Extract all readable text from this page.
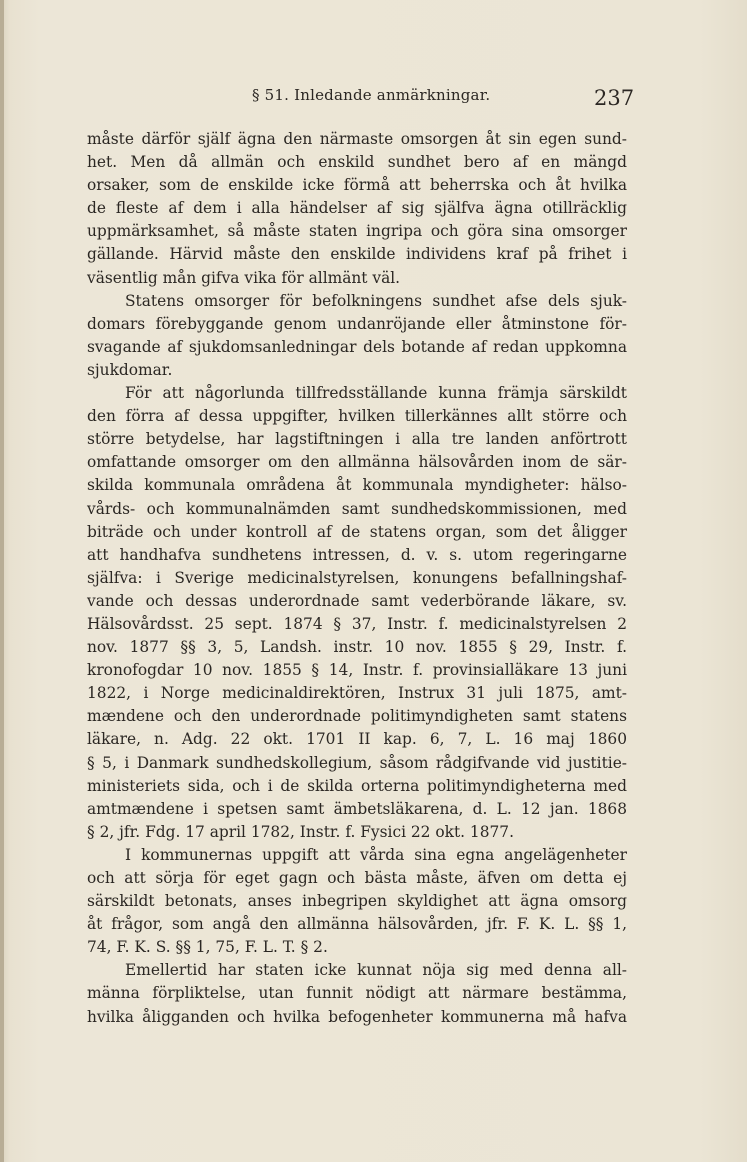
§ 51. Inledande anmärkningar.	237
måste därför själf ägna den närmaste omsorgen åt sin egen sund-
het. Men då allmän och enskild sundhet bero af en mängd
orsaker, som de enskilde icke förmå att beherrska och åt hvilka
de fleste af dem i alla händelser af sig själfva ägna otillräcklig
uppmärksamhet, så måste staten ingripa och göra sina omsorger
gällande. Härvid måste den enskilde individens kraf på frihet i
väsentlig mån gifva vika för allmänt väl.
Statens omsorger för befolkningens sundhet afse dels sjuk-
domars förebyggande genom undanröjande eller åtminstone för-
svagande af sjukdomsanledningar dels botande af redan uppkomna
sjukdomar.
För att någorlunda tillfredsställande kunna främja särskildt
den förra af dessa uppgifter, hvilken tillerkännes allt större och
större betydelse, har lagstiftningen i alla tre landen anförtrott
omfattande omsorger om den allmänna hälsovården inom de sär-
skilda kommunala områdena åt kommunala myndigheter: hälso-
vårds- och kommunalnämden samt sundhedskommissionen, med
biträde och under kontroll af de statens organ, som det åligger
att handhafva sundhetens intressen, d. v. s. utom regeringarne
själfva: i Sverige medicinalstyrelsen, konungens befallningshaf-
vande och dessas underordnade samt vederbörande läkare, sv.
Hälsovårdsst. 25 sept. 1874 § 37, Instr. f. medicinalstyrelsen 2
nov. 1877 §§ 3, 5, Landsh. instr. 10 nov. 1855 § 29, Instr. f.
kronofogdar 10 nov. 1855 § 14, Instr. f. provinsialläkare 13 juni
1822, i Norge medicinaldirektören, Instrux 31 juli 1875, amt-
mændene och den underordnade politimyndigheten samt statens
läkare, n. Adg. 22 okt. 1701 II kap. 6, 7, L. 16 maj 1860
§ 5, i Danmark sundhedskollegium, såsom rådgifvande vid justitie-
ministeriets sida, och i de skilda orterna politimyndigheterna med
amtmændene i spetsen samt ämbetsläkarena, d. L. 12 jan. 1868
§ 2, jfr. Fdg. 17 april 1782, Instr. f. Fysici 22 okt. 1877.
I kommunernas uppgift att vårda sina egna angelägenheter
och att sörja för eget gagn och bästa måste, äfven om detta ej
särskildt betonats, anses inbegripen skyldighet att ägna omsorg
åt frågor, som angå den allmänna hälsovården, jfr. F. K. L. §§ 1,
74, F. K. S. §§ 1, 75, F. L. T. § 2.
Emellertid har staten icke kunnat nöja sig med denna all-
männa förpliktelse, utan funnit nödigt att närmare bestämma,
hvilka åligganden och hvilka befogenheter kommunerna må hafva
